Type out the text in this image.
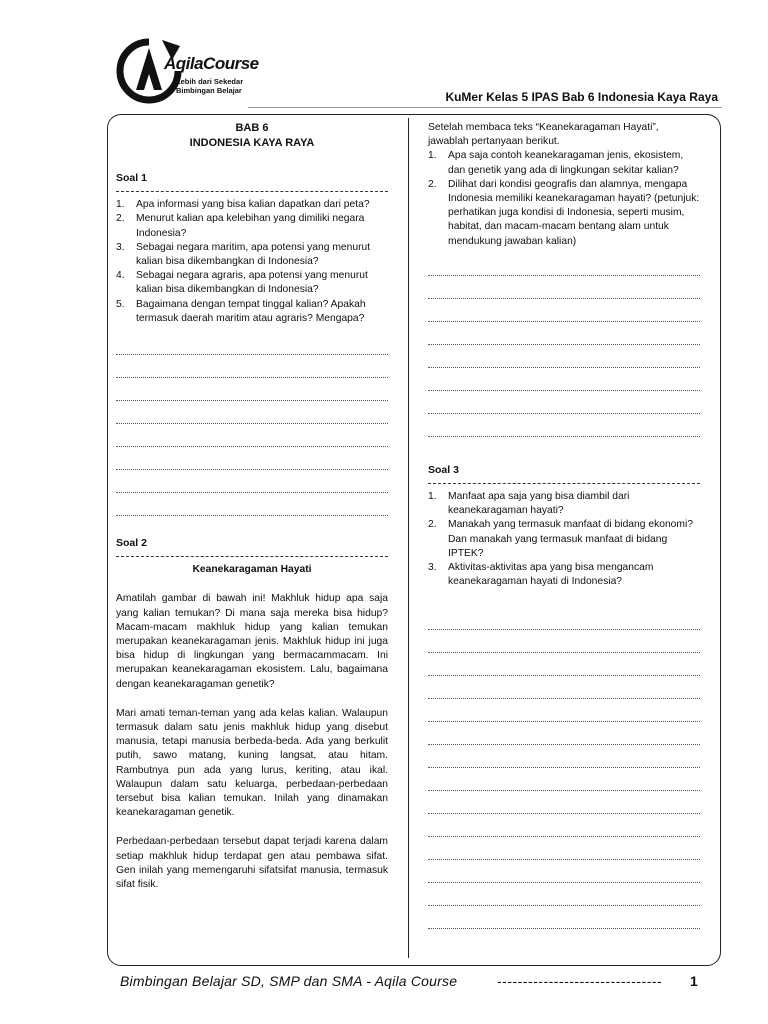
AqilaCourse
Lebih dari Sekedar
Bimbingan Belajar	KuMer Kelas 5 IPAS Bab 6 Indonesia Kaya Raya
BAB 6
INDONESIA KAYA RAYA
Soal 1
1. Apa informasi yang bisa kalian dapatkan dari peta?
2. Menurut kalian apa kelebihan yang dimiliki negara Indonesia?
3. Sebagai negara maritim, apa potensi yang menurut kalian bisa dikembangkan di Indonesia?
4. Sebagai negara agraris, apa potensi yang menurut kalian bisa dikembangkan di Indonesia?
5. Bagaimana dengan tempat tinggal kalian? Apakah termasuk daerah maritim atau agraris? Mengapa?
Soal 2
Keanekaragaman Hayati

Amatilah gambar di bawah ini! Makhluk hidup apa saja yang kalian temukan? Di mana saja mereka bisa hidup? Macam-macam makhluk hidup yang kalian temukan merupakan keanekaragaman jenis. Makhluk hidup ini juga bisa hidup di lingkungan yang bermacammacam. Ini merupakan keanekaragaman ekosistem. Lalu, bagaimana dengan keanekaragaman genetik?

Mari amati teman-teman yang ada kelas kalian. Walaupun termasuk dalam satu jenis makhluk hidup yang disebut manusia, tetapi manusia berbeda-beda. Ada yang berkulit putih, sawo matang, kuning langsat, atau hitam. Rambutnya pun ada yang lurus, keriting, atau ikal. Walaupun dalam satu keluarga, perbedaan-perbedaan tersebut bisa kalian temukan. Inilah yang dinamakan keanekaragaman genetik.

Perbedaan-perbedaan tersebut dapat terjadi karena dalam setiap makhluk hidup terdapat gen atau pembawa sifat. Gen inilah yang memengaruhi sifatsifat manusia, termasuk sifat fisik.

Setelah membaca teks “Keanekaragaman Hayati”, jawablah pertanyaan berikut.

1. Apa saja contoh keanekaragaman jenis, ekosistem, dan genetik yang ada di lingkungan sekitar kalian?
2. Dilihat dari kondisi geografis dan alamnya, mengapa Indonesia memiliki keanekaragaman hayati? (petunjuk: perhatikan juga kondisi di Indonesia, seperti musim, habitat, dan macam-macam bentang alam untuk mendukung jawaban kalian)
Soal 3
1. Manfaat apa saja yang bisa diambil dari keanekaragaman hayati?
2. Manakah yang termasuk manfaat di bidang ekonomi? Dan manakah yang termasuk manfaat di bidang IPTEK?
3. Aktivitas-aktivitas apa yang bisa mengancam keanekaragaman hayati di Indonesia?
Bimbingan Belajar SD, SMP dan SMA - Aqila Course	-------------------------------- 1
